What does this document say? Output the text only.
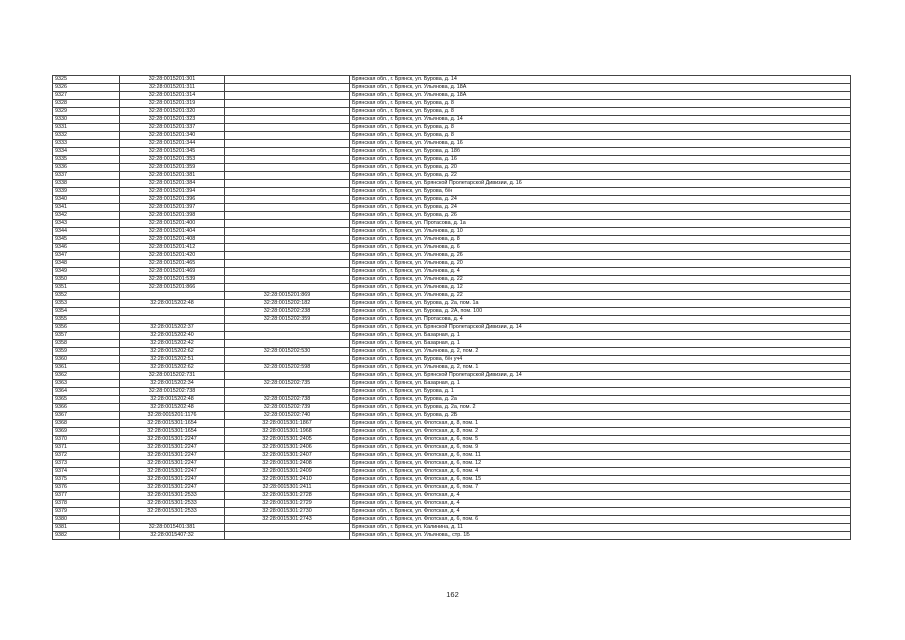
9325	32:28:0015201:301		Брянская обл., г. Брянск, ул. Бурова, д. 14
9326	32:28:0015201:311		Брянская обл., г. Брянск, ул. Ульянова, д. 18А
9327	32:28:0015201:314		Брянская обл., г. Брянск, ул. Ульянова, д. 18А
9328	32:28:0015201:319		Брянская обл., г. Брянск, ул. Бурова, д. 8
9329	32:28:0015201:320		Брянская обл., г. Брянск, ул. Бурова, д. 8
9330	32:28:0015201:323		Брянская обл., г. Брянск, ул. Ульянова, д. 14
9331	32:28:0015201:337		Брянская обл., г. Брянск, ул. Бурова, д. 8
9332	32:28:0015201:340		Брянская обл., г. Брянск, ул. Бурова, д. 8
9333	32:28:0015201:344		Брянская обл., г. Брянск, ул. Ульянова, д. 16
9334	32:28:0015201:345		Брянская обл., г. Брянск, ул. Бурова, д. 18б
9335	32:28:0015201:353		Брянская обл., г. Брянск, ул. Бурова, д. 16
9336	32:28:0015201:359		Брянская обл., г. Брянск, ул. Бурова, д. 20
9337	32:28:0015201:381		Брянская обл., г. Брянск, ул. Бурова, д. 22
9338	32:28:0015201:384		Брянская обл., г. Брянск, ул. Брянской Пролетарской Дивизии, д. 16
9339	32:28:0015201:394		Брянская обл., г. Брянск, ул. Бурова, б/н
9340	32:28:0015201:396		Брянская обл., г. Брянск, ул. Бурова, д. 24
9341	32:28:0015201:397		Брянская обл., г. Брянск, ул. Бурова, д. 24
9342	32:28:0015201:398		Брянская обл., г. Брянск, ул. Бурова, д. 26
9343	32:28:0015201:400		Брянская обл., г. Брянск, ул. Протасова, д. 1а
9344	32:28:0015201:404		Брянская обл., г. Брянск, ул. Ульянова, д. 10
9345	32:28:0015201:408		Брянская обл., г. Брянск, ул. Ульянова, д. 8
9346	32:28:0015201:412		Брянская обл., г. Брянск, ул. Ульянова, д. 6
9347	32:28:0015201:420		Брянская обл., г. Брянск, ул. Ульянова, д. 26
9348	32:28:0015201:465		Брянская обл., г. Брянск, ул. Ульянова, д. 20
9349	32:28:0015201:469		Брянская обл., г. Брянск, ул. Ульянова, д. 4
9350	32:28:0015201:539		Брянская обл., г. Брянск, ул. Ульянова, д. 22
9351	32:28:0015201:866		Брянская обл., г. Брянск, ул. Ульянова, д. 12
9352		32:28:0015201:869	Брянская обл., г. Брянск, ул. Ульянова, д. 22
9353	32:28:0015202:48	32:28:0015202:182	Брянская обл., г. Брянск, ул. Бурова, д. 2а, пом. 1а
9354		32:28:0015202:238	Брянская обл., г. Брянск, ул. Бурова, д. 2А, пом. 100
9355		32:28:0015202:359	Брянская обл., г. Брянск, ул. Протасова, д. 4
9356	32:28:0015202:37		Брянская обл., г. Брянск, ул. Брянской Пролетарской Дивизии, д. 14
9357	32:28:0015202:40		Брянская обл., г. Брянск, ул. Базарная, д. 1
9358	32:28:0015202:42		Брянская обл., г. Брянск, ул. Базарная, д. 1
9359	32:28:0015202:62	32:28:0015202:530	Брянская обл., г. Брянск, ул. Ульянова, д. 2, пом. 2
9360	32:28:0015202:51		Брянская обл., г. Брянск, ул. Бурова, б/н уч4
9361	32:28:0015202:62	32:28:0015202:598	Брянская обл., г. Брянск, ул. Ульянова, д. 2, пом. 1
9362	32:28:0015202:731		Брянская обл., г. Брянск, ул. Брянской Пролетарской Дивизии, д. 14
9363	32:28:0015202:34	32:28:0015202:735	Брянская обл., г. Брянск, ул. Базарная, д. 1
9364	32:28:0015202:738		Брянская обл., г. Брянск, ул. Бурова, д. 1
9365	32:28:0015202:48	32:28:0015202:738	Брянская обл., г. Брянск, ул. Бурова, д. 2а
9366	32:28:0015202:48	32:28:0015202:739	Брянская обл., г. Брянск, ул. Бурова, д. 2а, пом. 2
9367	32:28:0015201:1176	32:28:0015202:740	Брянская обл., г. Брянск, ул. Бурова, д. 2Б
9368	32:28:0015301:1654	32:28:0015301:1867	Брянская обл., г. Брянск, ул. Флотская, д. 8, пом. 1
9369	32:28:0015301:1654	32:28:0015301:1968	Брянская обл., г. Брянск, ул. Флотская, д. 8, пом. 2
9370	32:28:0015301:2247	32:28:0015301:2405	Брянская обл., г. Брянск, ул. Флотская, д. 6, пом. 5
9371	32:28:0015301:2247	32:28:0015301:2406	Брянская обл., г. Брянск, ул. Флотская, д. 6, пом. 9
9372	32:28:0015301:2247	32:28:0015301:2407	Брянская обл., г. Брянск, ул. Флотская, д. 6, пом. 11
9373	32:28:0015301:2247	32:28:0015301:2408	Брянская обл., г. Брянск, ул. Флотская, д. 6, пом. 12
9374	32:28:0015301:2247	32:28:0015301:2409	Брянская обл., г. Брянск, ул. Флотская, д. 6, пом. 4
9375	32:28:0015301:2247	32:28:0015301:2410	Брянская обл., г. Брянск, ул. Флотская, д. 6, пом. 15
9376	32:28:0015301:2247	32:28:0015301:2411	Брянская обл., г. Брянск, ул. Флотская, д. 6, пом. 7
9377	32:28:0015301:2533	32:28:0015301:2728	Брянская обл., г. Брянск, ул. Флотская, д. 4
9378	32:28:0015301:2533	32:28:0015301:2729	Брянская обл., г. Брянск, ул. Флотская, д. 4
9379	32:28:0015301:2533	32:28:0015301:2730	Брянская обл., г. Брянск, ул. Флотская, д. 4
9380		32:28:0015301:2743	Брянская обл., г. Брянск, ул. Флотская, д. 6, пом. 6
9381	32:28:0015401:381		Брянская обл., г. Брянск, ул. Калинина, д. 11
9382	32:28:0015407:32		Брянская обл., г. Брянск, ул. Ульянова,, стр. 1Б
162
